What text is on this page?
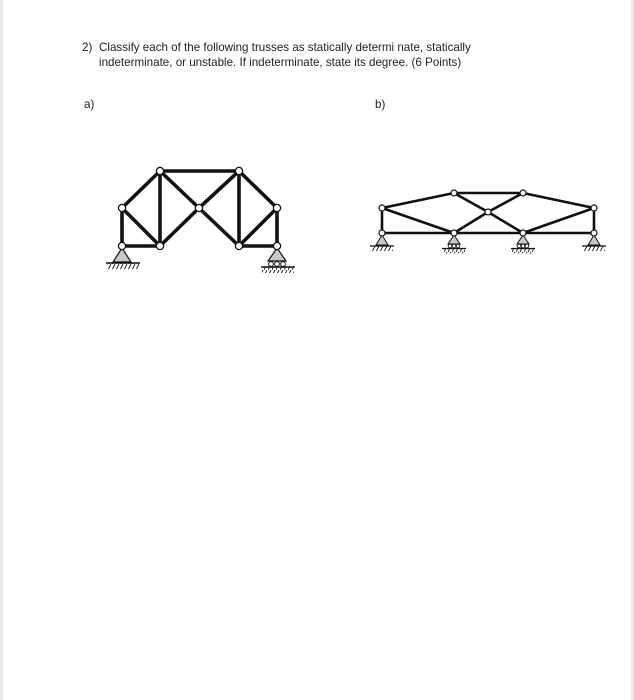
2) Classify each of the following trusses as statically determi nate, statically
indeterminate, or unstable. If indeterminate, state its degree. (6 Points)
a)	b)
